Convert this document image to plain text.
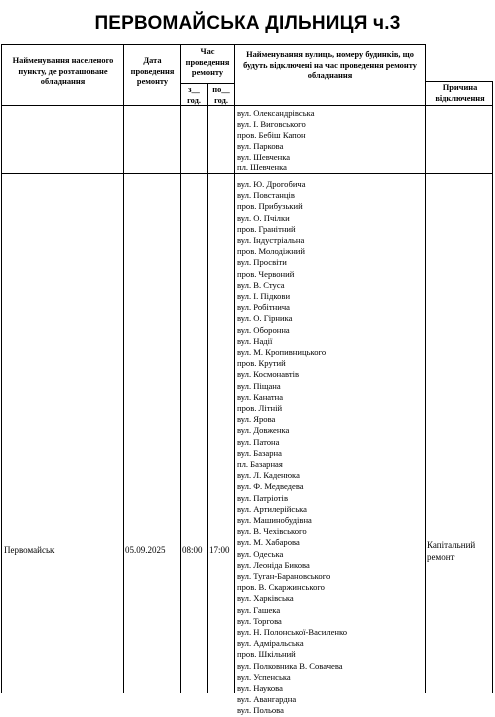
ПЕРВОМАЙСЬКА ДІЛЬНИЦЯ ч.3
Найменування населеного пункту, де розташоване обладнання
Дата проведення ремонту
Час проведення ремонту
з__ год.
по__ год.
Найменування вулиць, номеру будинків, що будуть відключені на час проведення ремонту обладнання
Причина відключення
вул. Олександрівська
вул. І. Виговського
пров. Бебіш Капон
вул. Паркова
вул. Шевченка
пл. Шевченка
Первомайськ	05.09.2025 08:00 17:00	Капітальний
ремонт
вул. Ю. Дрогобича
вул. Повстанців
пров. Прибузький
вул. О. Пчілки
пров. Гранітний
вул. Індустріальна
пров. Молодіжний
вул. Просвіти
пров. Червоний
вул. В. Стуса
вул. І. Підкови
вул. Робітнича
вул. О. Гірника
вул. Оборонна
вул. Надії
вул. М. Кропивницького
пров. Крутий
вул. Космонавтів
вул. Піщана
вул. Канатна
пров. Літній
вул. Ярова
вул. Довженка
вул. Патона
вул. Базарна
пл. Базарная
вул. Л. Каденюка
вул. Ф. Медведева
вул. Патріотів
вул. Артилерійська
вул. Машинобудівна
вул. В. Чехівського
вул. М. Хабарова
вул. Одеська
вул. Леоніда Бикова
вул. Туган-Барановського
пров. В. Скаржинського
вул. Харківська
вул. Гашека
вул. Торгова
вул. Н. Полонської-Василенко
вул. Адміральська
пров. Шкільний
вул. Полковника В. Совачева
вул. Успенська
вул. Наукова
вул. Авангардна
вул. Польова
